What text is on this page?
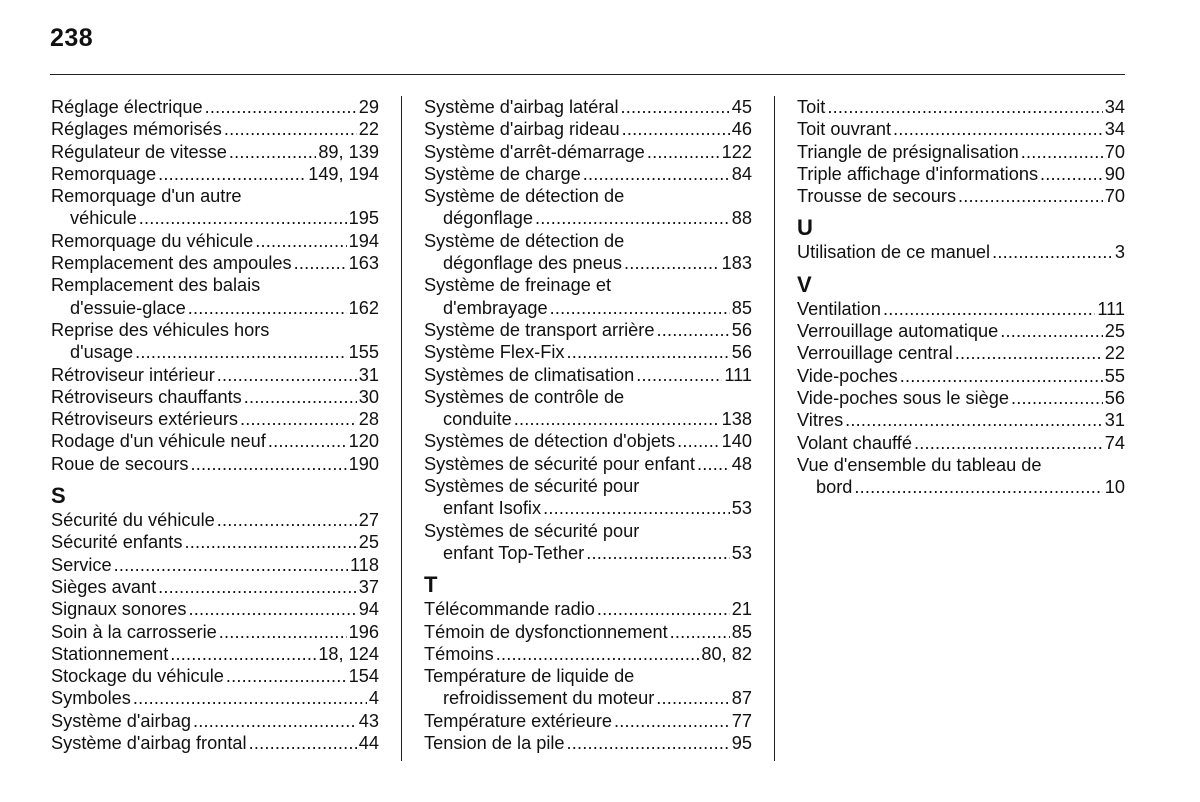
238
Réglage électrique .....	29
Réglages mémorisés .....	22
Régulateur de vitesse .....	89, 139
Remorquage .....	149, 194
Remorquage d'un autre
véhicule .....	195
Remorquage du véhicule .....	194
Remplacement des ampoules .....	163
Remplacement des balais
d'essuie-glace .....	162
Reprise des véhicules hors
d'usage .....	155
Rétroviseur intérieur .....	31
Rétroviseurs chauffants .....	30
Rétroviseurs extérieurs .....	28
Rodage d'un véhicule neuf .....	120
Roue de secours .....	190
S
Sécurité du véhicule .....	27
Sécurité enfants .....	25
Service .....	118
Sièges avant .....	37
Signaux sonores .....	94
Soin à la carrosserie .....	196
Stationnement .....	18, 124
Stockage du véhicule .....	154
Symboles .....	4
Système d'airbag .....	43
Système d'airbag frontal .....	44
Système d'airbag latéral .....	45
Système d'airbag rideau .....	46
Système d'arrêt-démarrage .....	122
Système de charge .....	84
Système de détection de
dégonflage .....	88
Système de détection de
dégonflage des pneus .....	183
Système de freinage et
d'embrayage .....	85
Système de transport arrière .....	56
Système Flex-Fix .....	56
Systèmes de climatisation .....	111
Systèmes de contrôle de
conduite .....	138
Systèmes de détection d'objets .....	140
Systèmes de sécurité pour enfant ..... 48
Systèmes de sécurité pour
enfant Isofix .....	53
Systèmes de sécurité pour
enfant Top-Tether .....	53
T
Télécommande radio .....	21
Témoin de dysfonctionnement .....	85
Témoins .....	80, 82
Température de liquide de
refroidissement du moteur .....	87
Température extérieure .....	77
Tension de la pile .....	95
Toit .....	34
Toit ouvrant .....	34
Triangle de présignalisation .....	70
Triple affichage d'informations .....	90
Trousse de secours .....	70
U
Utilisation de ce manuel .....	3
V
Ventilation .....	111
Verrouillage automatique .....	25
Verrouillage central .....	22
Vide-poches .....	55
Vide-poches sous le siège .....	56
Vitres .....	31
Volant chauffé .....	74
Vue d'ensemble du tableau de
bord .....	10
